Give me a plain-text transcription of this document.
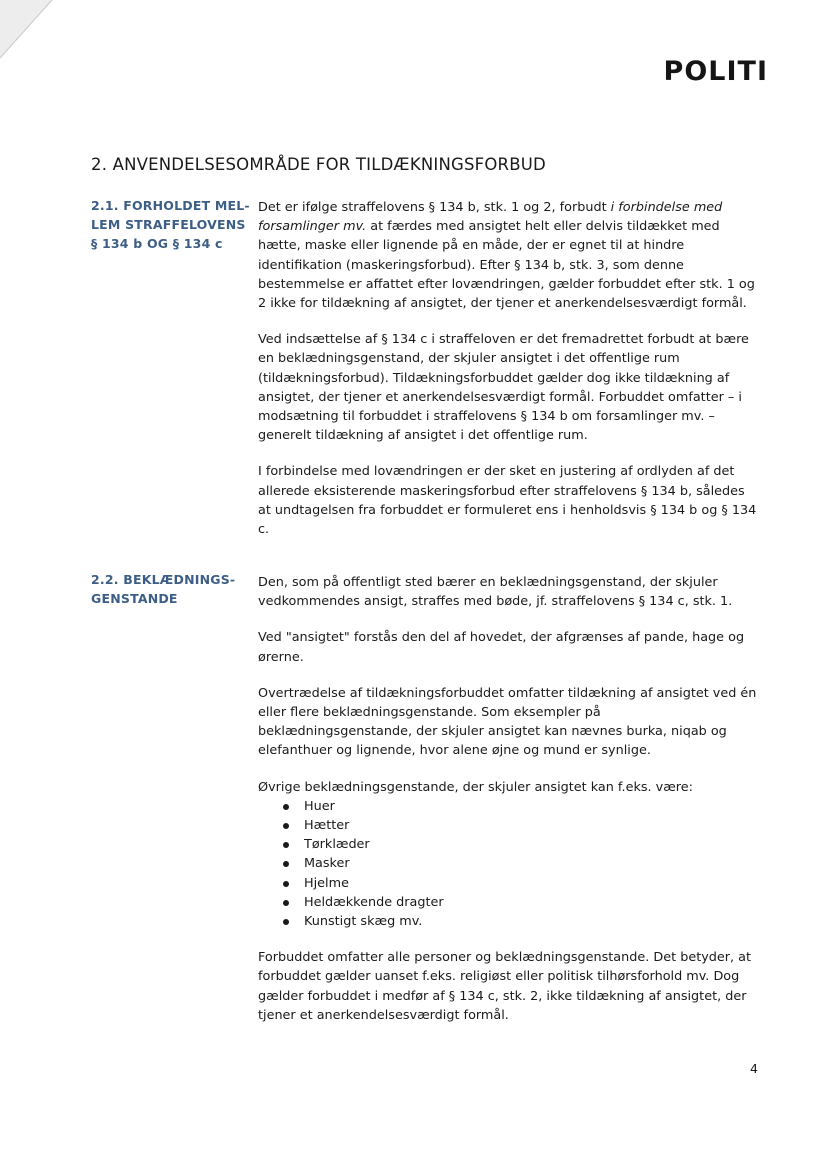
POLITI
2. ANVENDELSESOMRÅDE FOR TILDÆKNINGSFORBUD
2.1. FORHOLDET MEL-
LEM STRAFFELOVENS
§ 134 b OG § 134 c

Det er ifølge straffelovens § 134 b, stk. 1 og 2, forbudt i forbindelse med forsamlinger mv. at færdes med ansigtet helt eller delvis tildækket med hætte, maske eller lignende på en måde, der er egnet til at hindre identifikation (maskeringsforbud). Efter § 134 b, stk. 3, som denne bestemmelse er affattet efter lovændringen, gælder forbuddet efter stk. 1 og 2 ikke for tildækning af ansigtet, der tjener et anerkendelsesværdigt formål.

Ved indsættelse af § 134 c i straffeloven er det fremadrettet forbudt at bære en beklædningsgenstand, der skjuler ansigtet i det offentlige rum (tildækningsforbud). Tildækningsforbuddet gælder dog ikke tildækning af ansigtet, der tjener et anerkendelsesværdigt formål. Forbuddet omfatter – i modsætning til forbuddet i straffelovens § 134 b om forsamlinger mv. – generelt tildækning af ansigtet i det offentlige rum.

I forbindelse med lovændringen er der sket en justering af ordlyden af det allerede eksisterende maskeringsforbud efter straffelovens § 134 b, således at undtagelsen fra forbuddet er formuleret ens i henholdsvis § 134 b og § 134 c.

2.2. BEKLÆDNINGS-
GENSTANDE

Den, som på offentligt sted bærer en beklædningsgenstand, der skjuler vedkommendes ansigt, straffes med bøde, jf. straffelovens § 134 c, stk. 1.

Ved "ansigtet" forstås den del af hovedet, der afgrænses af pande, hage og ørerne.

Overtrædelse af tildækningsforbuddet omfatter tildækning af ansigtet ved én eller flere beklædningsgenstande. Som eksempler på beklædningsgenstande, der skjuler ansigtet kan nævnes burka, niqab og elefanthuer og lignende, hvor alene øjne og mund er synlige.

Øvrige beklædningsgenstande, der skjuler ansigtet kan f.eks. være:

Huer
Hætter
Tørklæder
Masker
Hjelme
Heldækkende dragter
Kunstigt skæg mv.

Forbuddet omfatter alle personer og beklædningsgenstande. Det betyder, at forbuddet gælder uanset f.eks. religiøst eller politisk tilhørsforhold mv. Dog gælder forbuddet i medfør af § 134 c, stk. 2, ikke tildækning af ansigtet, der tjener et anerkendelsesværdigt formål.

4
